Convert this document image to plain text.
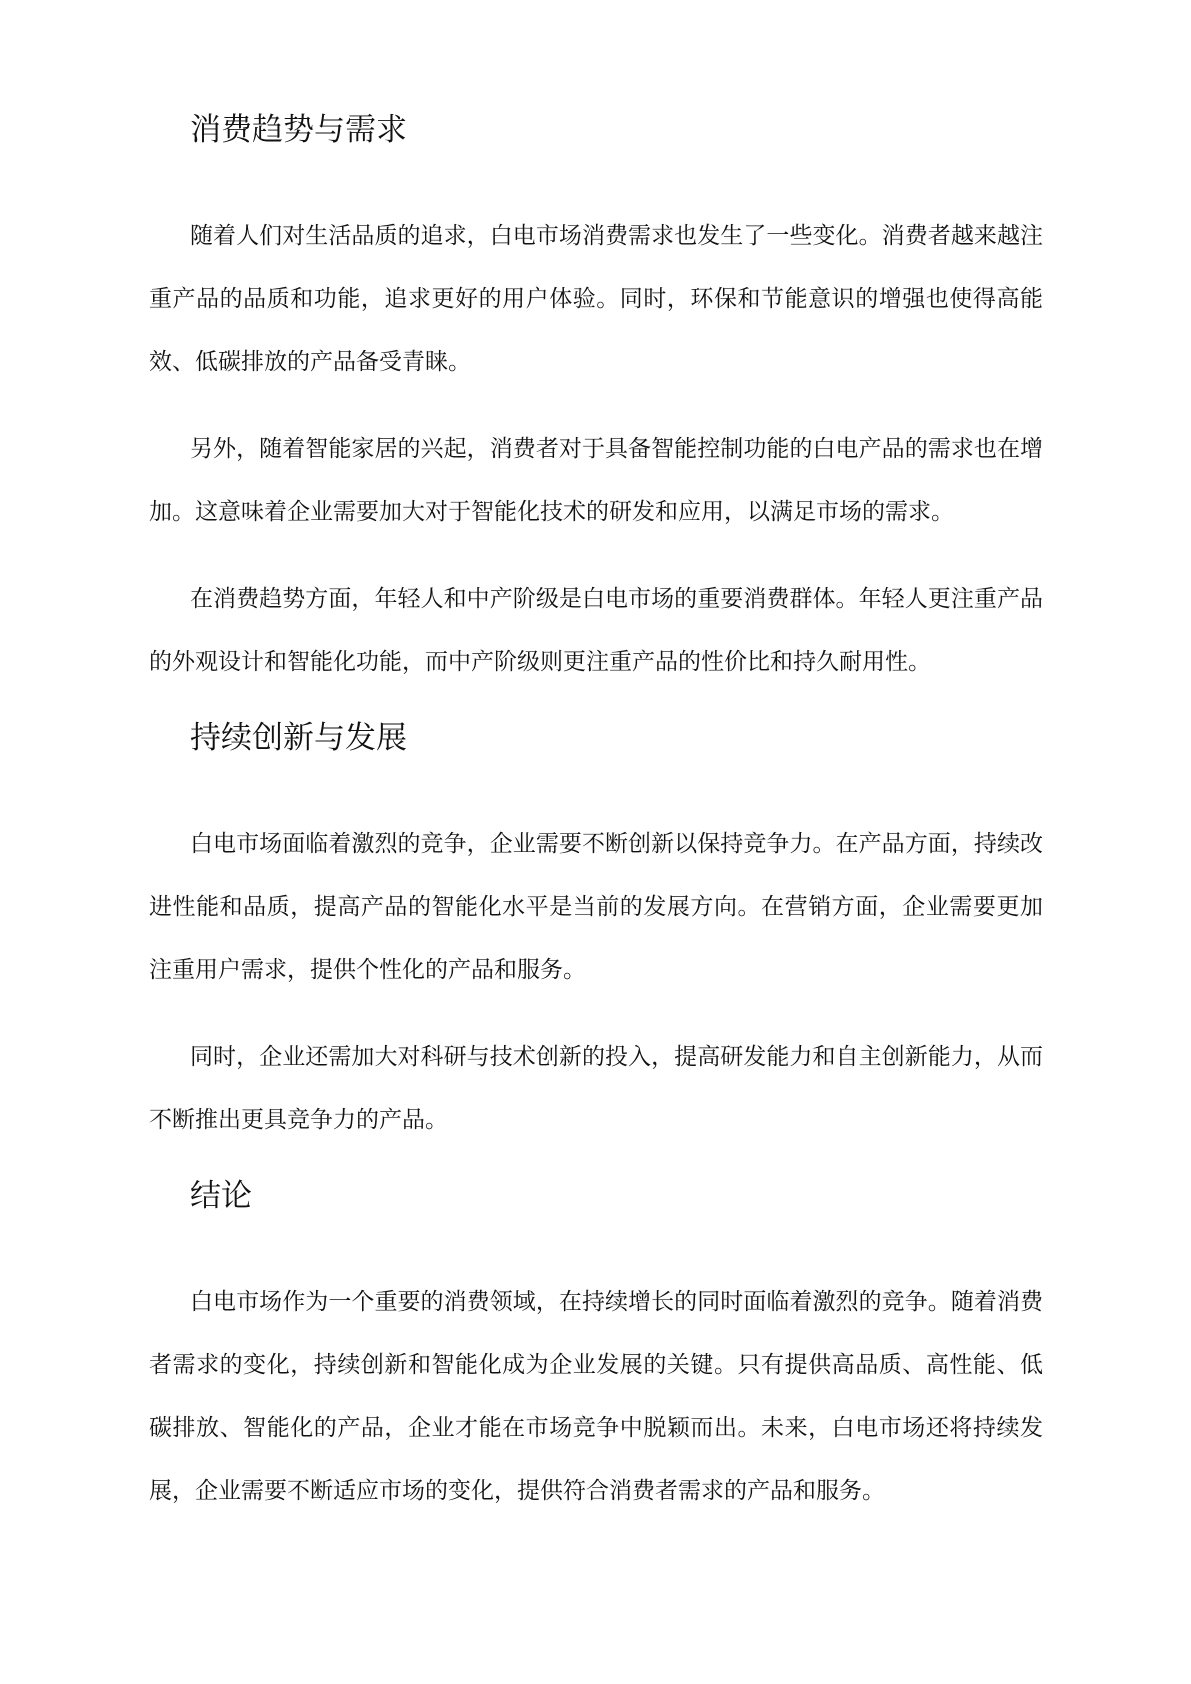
消费趋势与需求

随着人们对生活品质的追求，白电市场消费需求也发生了一些变化。消费者越来越注重产品的品质和功能，追求更好的用户体验。同时，环保和节能意识的增强也使得高能效、低碳排放的产品备受青睐。

另外，随着智能家居的兴起，消费者对于具备智能控制功能的白电产品的需求也在增加。这意味着企业需要加大对于智能化技术的研发和应用，以满足市场的需求。

在消费趋势方面，年轻人和中产阶级是白电市场的重要消费群体。年轻人更注重产品的外观设计和智能化功能，而中产阶级则更注重产品的性价比和持久耐用性。

持续创新与发展

白电市场面临着激烈的竞争，企业需要不断创新以保持竞争力。在产品方面，持续改进性能和品质，提高产品的智能化水平是当前的发展方向。在营销方面，企业需要更加注重用户需求，提供个性化的产品和服务。

同时，企业还需加大对科研与技术创新的投入，提高研发能力和自主创新能力，从而不断推出更具竞争力的产品。

结论

白电市场作为一个重要的消费领域，在持续增长的同时面临着激烈的竞争。随着消费者需求的变化，持续创新和智能化成为企业发展的关键。只有提供高品质、高性能、低碳排放、智能化的产品，企业才能在市场竞争中脱颖而出。未来，白电市场还将持续发展，企业需要不断适应市场的变化，提供符合消费者需求的产品和服务。
